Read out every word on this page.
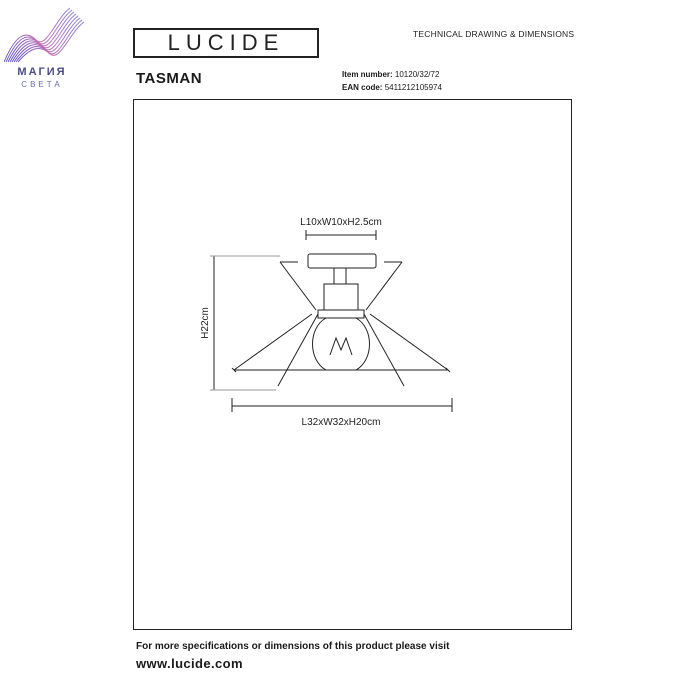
МАГИЯ
СВЕТА
LUCIDE	TECHNICAL DRAWING & DIMENSIONS
TASMAN	Item number: 10120/32/72
EAN code: 5411212105974
L10xW10xH2.5cm
H22cm
L32xW32xH20cm
For more specifications or dimensions of this product please visit
www.lucide.com
